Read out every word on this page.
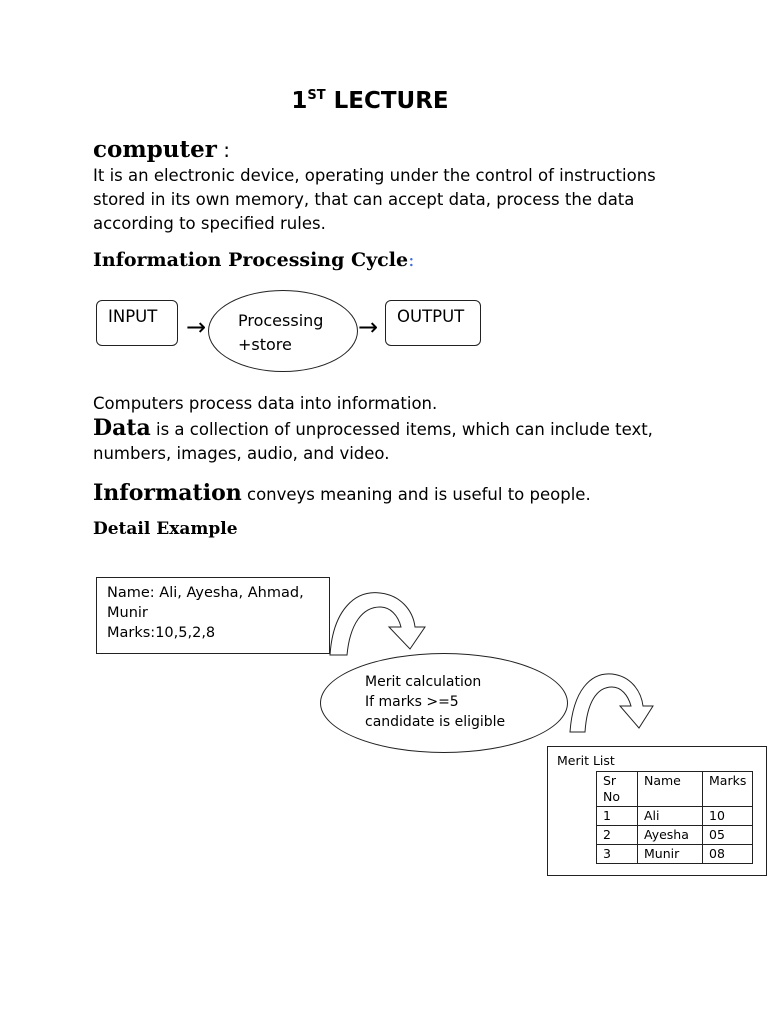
1ST LECTURE
computer :
It is an electronic device, operating under the control of instructions
stored in its own memory, that can accept data, process the data
according to specified rules.
Information Processing Cycle:
INPUT	→ Processing
+store
→	OUTPUT
Computers process data into information.
Data is a collection of unprocessed items, which can include text,
numbers, images, audio, and video.
Information conveys meaning and is useful to people.
Detail Example
Name: Ali, Ayesha, Ahmad,
Munir
Marks:10,5,2,8
Merit calculation
If marks >=5
candidate is eligible
Merit List
Sr No	Name	Marks
1	Ali	10
2	Ayesha	05
3	Munir	08
